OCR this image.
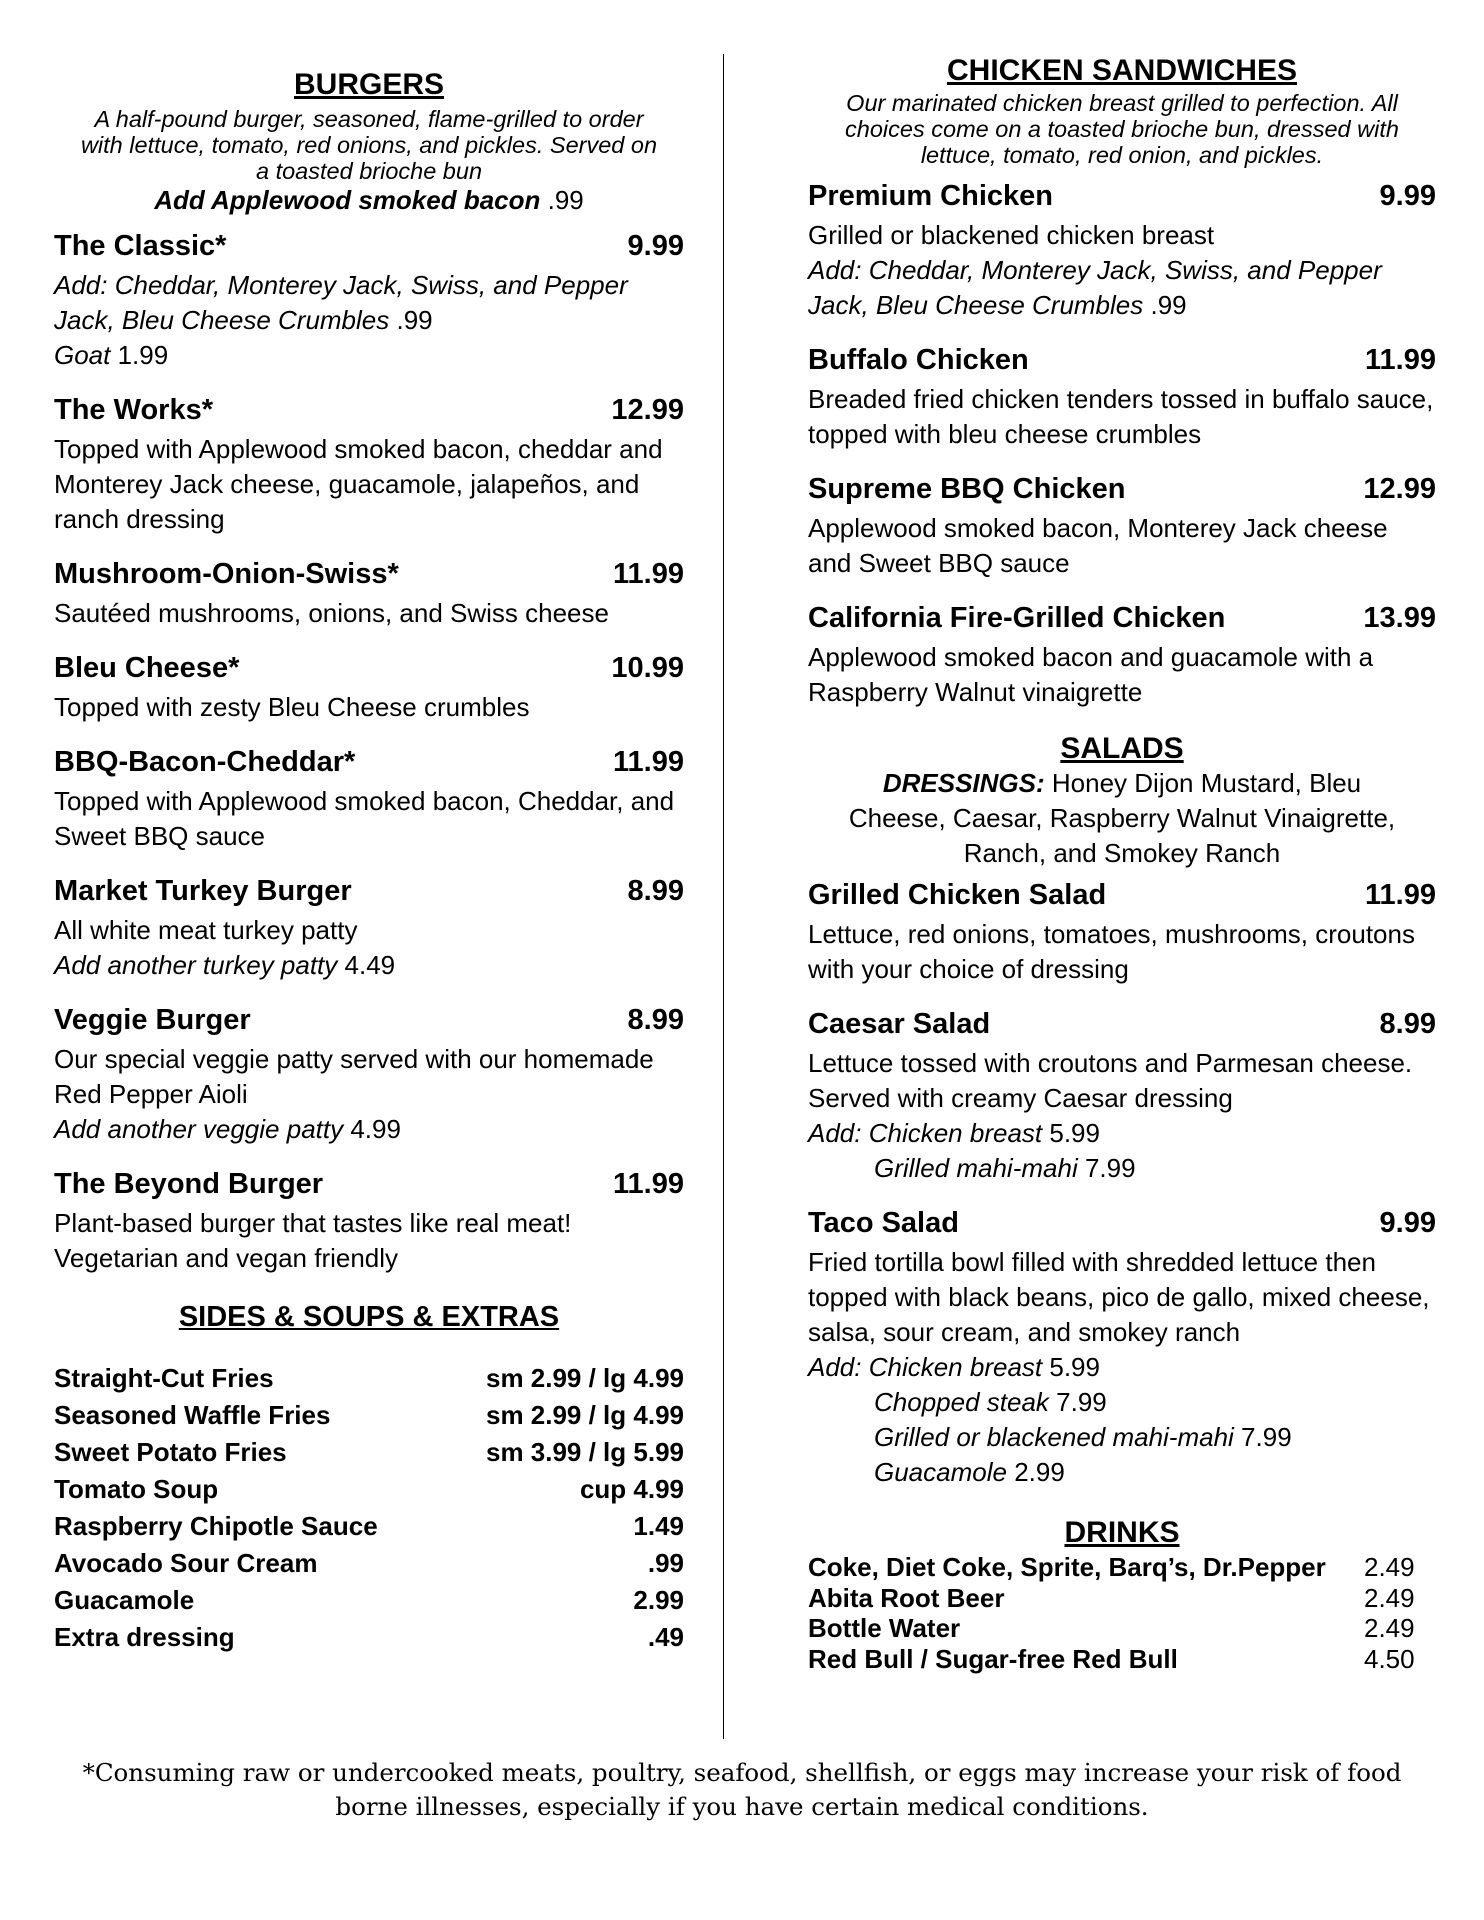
BURGERS
A half-pound burger, seasoned, flame-grilled to order
with lettuce, tomato, red onions, and pickles. Served on
a toasted brioche bun
Add Applewood smoked bacon .99
The Classic*	9.99
Add: Cheddar, Monterey Jack, Swiss, and Pepper
Jack, Bleu Cheese Crumbles .99
Goat 1.99
The Works*	12.99
Topped with Applewood smoked bacon, cheddar and Monterey Jack cheese, guacamole, jalapeños, and ranch dressing
Mushroom-Onion-Swiss*	11.99
Sautéed mushrooms, onions, and Swiss cheese
Bleu Cheese*	10.99
Topped with zesty Bleu Cheese crumbles
BBQ-Bacon-Cheddar*	11.99
Topped with Applewood smoked bacon, Cheddar, and Sweet BBQ sauce
Market Turkey Burger	8.99
All white meat turkey patty
Add another turkey patty 4.49
Veggie Burger	8.99
Our special veggie patty served with our homemade Red Pepper Aioli
Add another veggie patty 4.99
The Beyond Burger	11.99
Plant-based burger that tastes like real meat! Vegetarian and vegan friendly
SIDES & SOUPS & EXTRAS
Straight-Cut Fries	sm 2.99 / lg 4.99
Seasoned Waffle Fries	sm 2.99 / lg 4.99
Sweet Potato Fries	sm 3.99 / lg 5.99
Tomato Soup	cup 4.99
Raspberry Chipotle Sauce	1.49
Avocado Sour Cream	.99
Guacamole	2.99
Extra dressing	.49
CHICKEN SANDWICHES
Our marinated chicken breast grilled to perfection. All
choices come on a toasted brioche bun, dressed with
lettuce, tomato, red onion, and pickles.
Premium Chicken	9.99
Grilled or blackened chicken breast
Add: Cheddar, Monterey Jack, Swiss, and Pepper
Jack, Bleu Cheese Crumbles .99
Buffalo Chicken	11.99
Breaded fried chicken tenders tossed in buffalo sauce, topped with bleu cheese crumbles
Supreme BBQ Chicken	12.99
Applewood smoked bacon, Monterey Jack cheese and Sweet BBQ sauce
California Fire-Grilled Chicken	13.99
Applewood smoked bacon and guacamole with a Raspberry Walnut vinaigrette
SALADS
DRESSINGS: Honey Dijon Mustard, Bleu
Cheese, Caesar, Raspberry Walnut Vinaigrette,
Ranch, and Smokey Ranch
Grilled Chicken Salad	11.99
Lettuce, red onions, tomatoes, mushrooms, croutons with your choice of dressing
Caesar Salad	8.99
Lettuce tossed with croutons and Parmesan cheese. Served with creamy Caesar dressing
Add: Chicken breast 5.99
Grilled mahi-mahi 7.99
Taco Salad	9.99
Fried tortilla bowl filled with shredded lettuce then topped with black beans, pico de gallo, mixed cheese, salsa, sour cream, and smokey ranch
Add: Chicken breast 5.99
Chopped steak 7.99
Grilled or blackened mahi-mahi 7.99
Guacamole 2.99
DRINKS
Coke, Diet Coke, Sprite, Barq’s, Dr.Pepper 2.49
Abita Root Beer	2.49
Bottle Water	2.49
Red Bull / Sugar-free Red Bull	4.50
*Consuming raw or undercooked meats, poultry, seafood, shellfish, or eggs may increase your risk of food
borne illnesses, especially if you have certain medical conditions.
